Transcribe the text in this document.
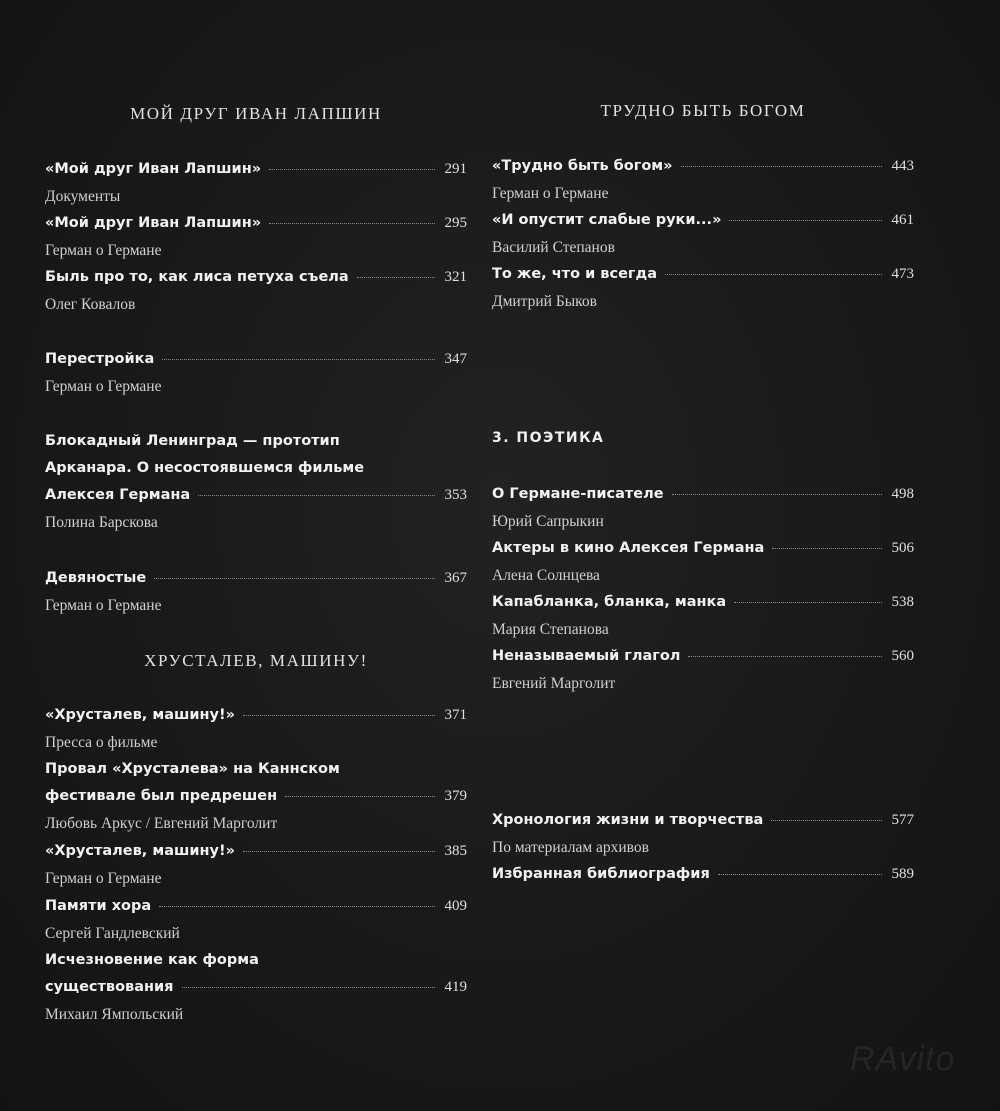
МОЙ ДРУГ ИВАН ЛАПШИН
«Мой друг Иван Лапшин»	291
Документы
«Мой друг Иван Лапшин»	295
Герман о Германе
Быль про то, как лиса петуха съела	321
Олег Ковалов
Перестройка	347
Герман о Германе
Блокадный Ленинград — прототип
Арканара. О несостоявшемся фильме
Алексея Германа	353
Полина Барскова
Девяностые	367
Герман о Германе
ХРУСТАЛЕВ, МАШИНУ!
«Хрусталев, машину!»	371
Пресса о фильме
Провал «Хрусталева» на Каннском
фестивале был предрешен	379
Любовь Аркус / Евгений Марголит
«Хрусталев, машину!»	385
Герман о Германе
Памяти хора	409
Сергей Гандлевский
Исчезновение как форма
существования	419
Михаил Ямпольский
ТРУДНО БЫТЬ БОГОМ
«Трудно быть богом»	443
Герман о Германе
«И опустит слабые руки...»	461
Василий Степанов
То же, что и всегда	473
Дмитрий Быков
3. ПОЭТИКА
О Германе-писателе	498
Юрий Сапрыкин
Актеры в кино Алексея Германа	506
Алена Солнцева
Капабланка, бланка, манка	538
Мария Степанова
Неназываемый глагол	560
Евгений Марголит
Хронология жизни и творчества	577
По материалам архивов
Избранная библиография	589
RAvito
